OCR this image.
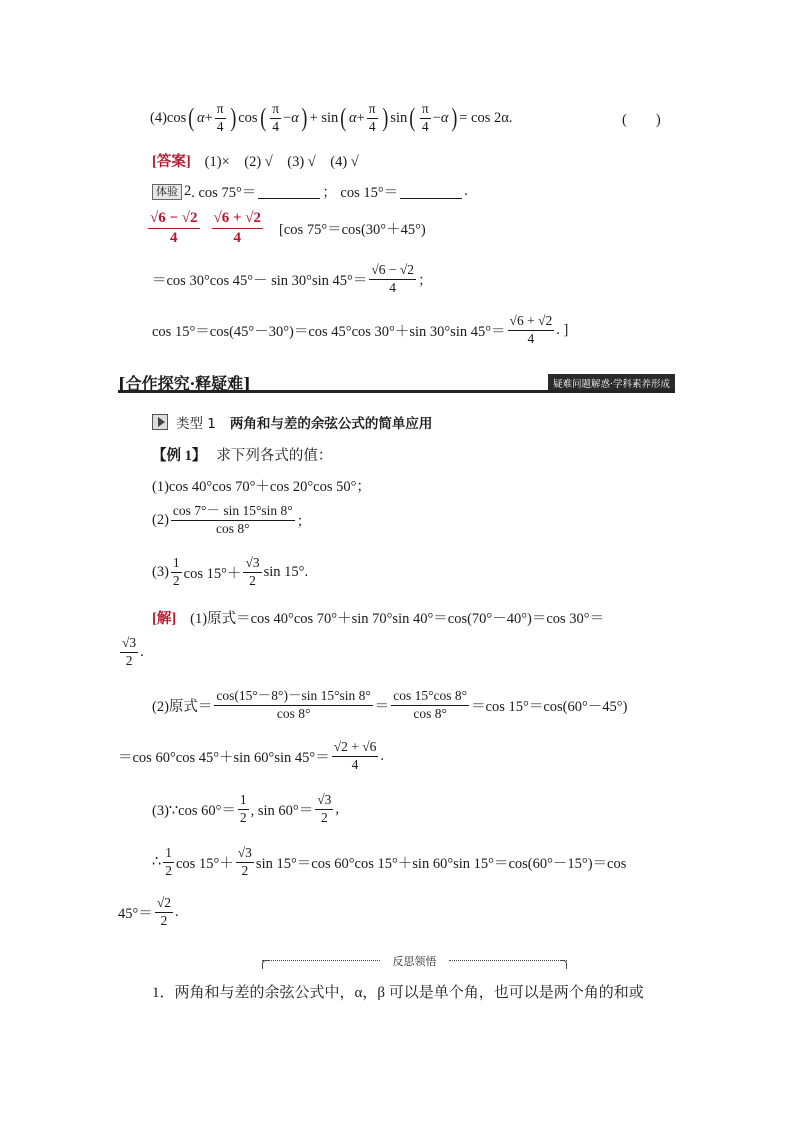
(4) cos ( $\alpha + \frac{\pi}{4}$ ) cos ( $\frac{\pi}{4} - \alpha$ ) + sin ( $\alpha + \frac{\pi}{4}$ ) sin ( $\frac{\pi}{4} - \alpha$ ) = cos 2α.	(　　)
[答案] (1)×　(2) √　(3) √　(4) √
体验 2 . cos 75°＝	； cos 15°＝	.
$\frac{√6 - √2}{4} \frac{√6 + √2}{4} [\cos$ 75°＝cos(30°＋45°)
＝cos 30°cos 45°－ sin 30°sin $45^\circ= \frac{√6 - √2}{4}$ ；
cos 15°＝cos(45°－30°)＝cos 45°cos 30°＋sin 30°sin $45^\circ= \frac{√6 + √2}{4}$ . ]
[合作探究·释疑难]	疑难问题解惑·学科素养形成
类型 1 两角和与差的余弦公式的简单应用
【例 1】 求下列各式的值：
(1)cos 40°cos 70°＋cos 20°cos 50°；
$(2) \frac{\cos 7^\circ- \sin 15^\circ\sin 8^\circ}{\cos 8^\circ}$ ；
$(3) \frac{1}{2}$ $\cos 15^\circ+ \frac{√3}{2}$ sin 15°.
[解] (1)原式＝cos 40°cos 70°＋sin 70°sin 40°＝cos(70°－40°)＝cos 30°＝
$\frac{√3}{2}$ .
(2)原式＝ $\frac{\cos(15^\circ-8^\circ)-\sin 15^\circ\sin 8^\circ}{\cos 8^\circ} = \frac{\cos 15^\circ\cos 8^\circ}{\cos 8^\circ} =\cos$ 15°＝cos(60°－45°)
＝cos 60°cos 45°＋sin 60°sin $45^\circ= \frac{√2 + √6}{4}$ .
(3)∵cos $60^\circ= \frac{1}{2}$ , $\sin 60^\circ= \frac{√3}{2}$ ,
∴ $\frac{1}{2}$ $\cos 15^\circ+ \frac{√3}{2}$ sin 15°＝cos 60°cos 15°＋sin 60°sin 15°＝cos(60°－15°)＝cos
$45^\circ= \frac{√2}{2}$ .
反思领悟
1．两角和与差的余弦公式中，α，β 可以是单个角，也可以是两个角的和或
